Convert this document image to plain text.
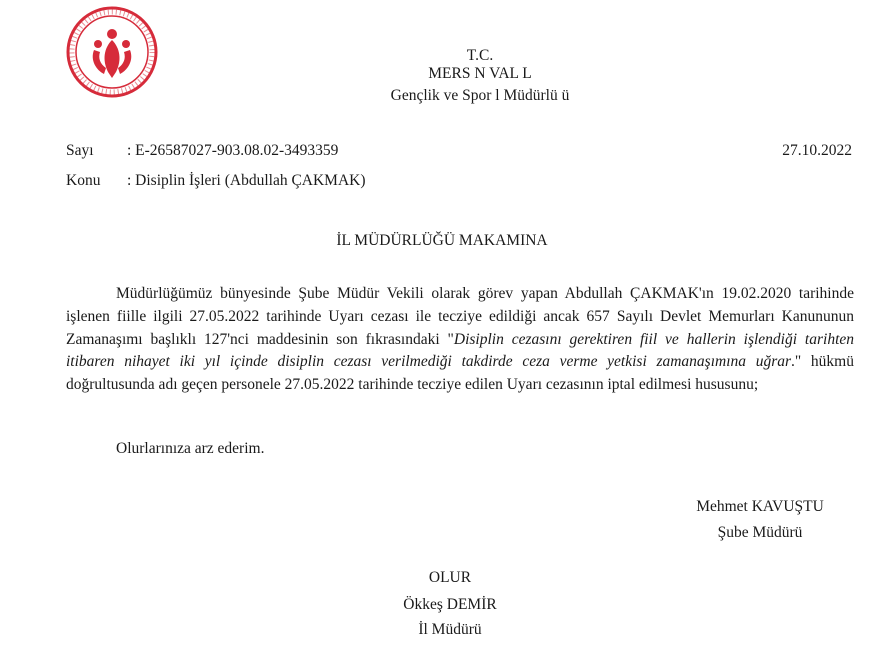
T.C.
MERS N VAL L
Gençlik ve Spor l Müdürlü ü
Sayı : E-26587027-903.08.02-3493359	27.10.2022
Konu : Disiplin İşleri (Abdullah ÇAKMAK)
İL MÜDÜRLÜĞÜ MAKAMINA

Müdürlüğümüz bünyesinde Şube Müdür Vekili olarak görev yapan Abdullah ÇAKMAK'ın 19.02.2020 tarihinde işlenen fiille ilgili 27.05.2022 tarihinde Uyarı cezası ile tecziye edildiği ancak 657 Sayılı Devlet Memurları Kanununun Zamanaşımı başlıklı 127'nci maddesinin son fıkrasındaki "Disiplin cezasını gerektiren fiil ve hallerin işlendiği tarihten itibaren nihayet iki yıl içinde disiplin cezası verilmediği takdirde ceza verme yetkisi zamanaşımına uğrar." hükmü doğrultusunda adı geçen personele 27.05.2022 tarihinde tecziye edilen Uyarı cezasının iptal edilmesi hususunu;

Olurlarınıza arz ederim.
Mehmet KAVUŞTU
Şube Müdürü
OLUR
Ökkeş DEMİR
İl Müdürü
